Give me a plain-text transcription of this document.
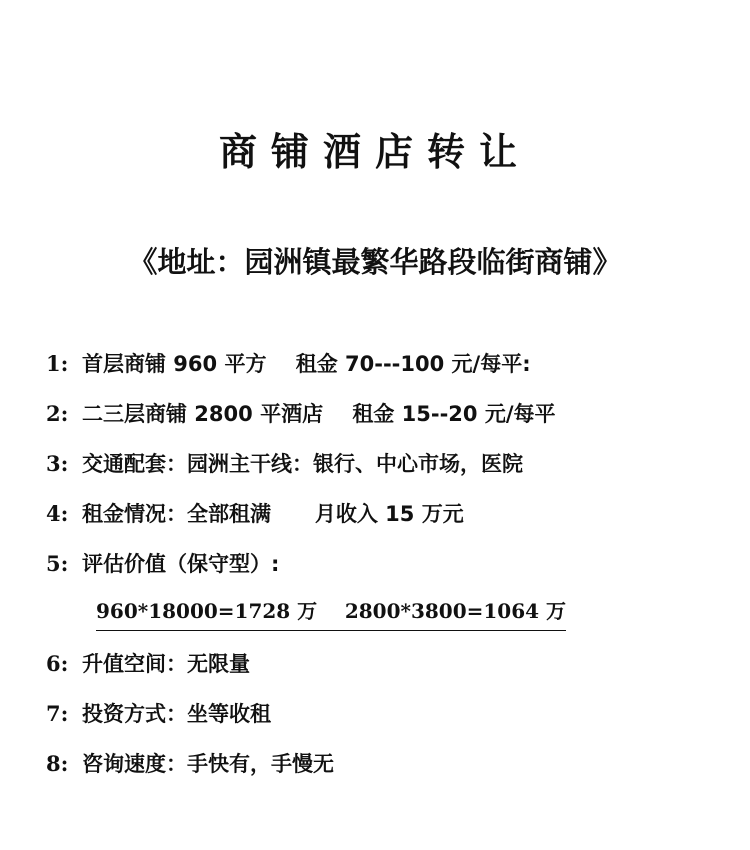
商铺酒店转让
《地址：园洲镇最繁华路段临街商铺》
1: 首层商铺 960 平方    租金 70---100 元/每平:
2: 二三层商铺 2800 平酒店    租金 15--20 元/每平
3: 交通配套：园洲主干线：银行、中心市场，医院
4: 租金情况：全部租满      月收入 15 万元
5: 评估价值（保守型）:
960*18000=1728 万	2800*3800=1064 万
6: 升值空间：无限量
7: 投资方式：坐等收租
8: 咨询速度：手快有，手慢无
